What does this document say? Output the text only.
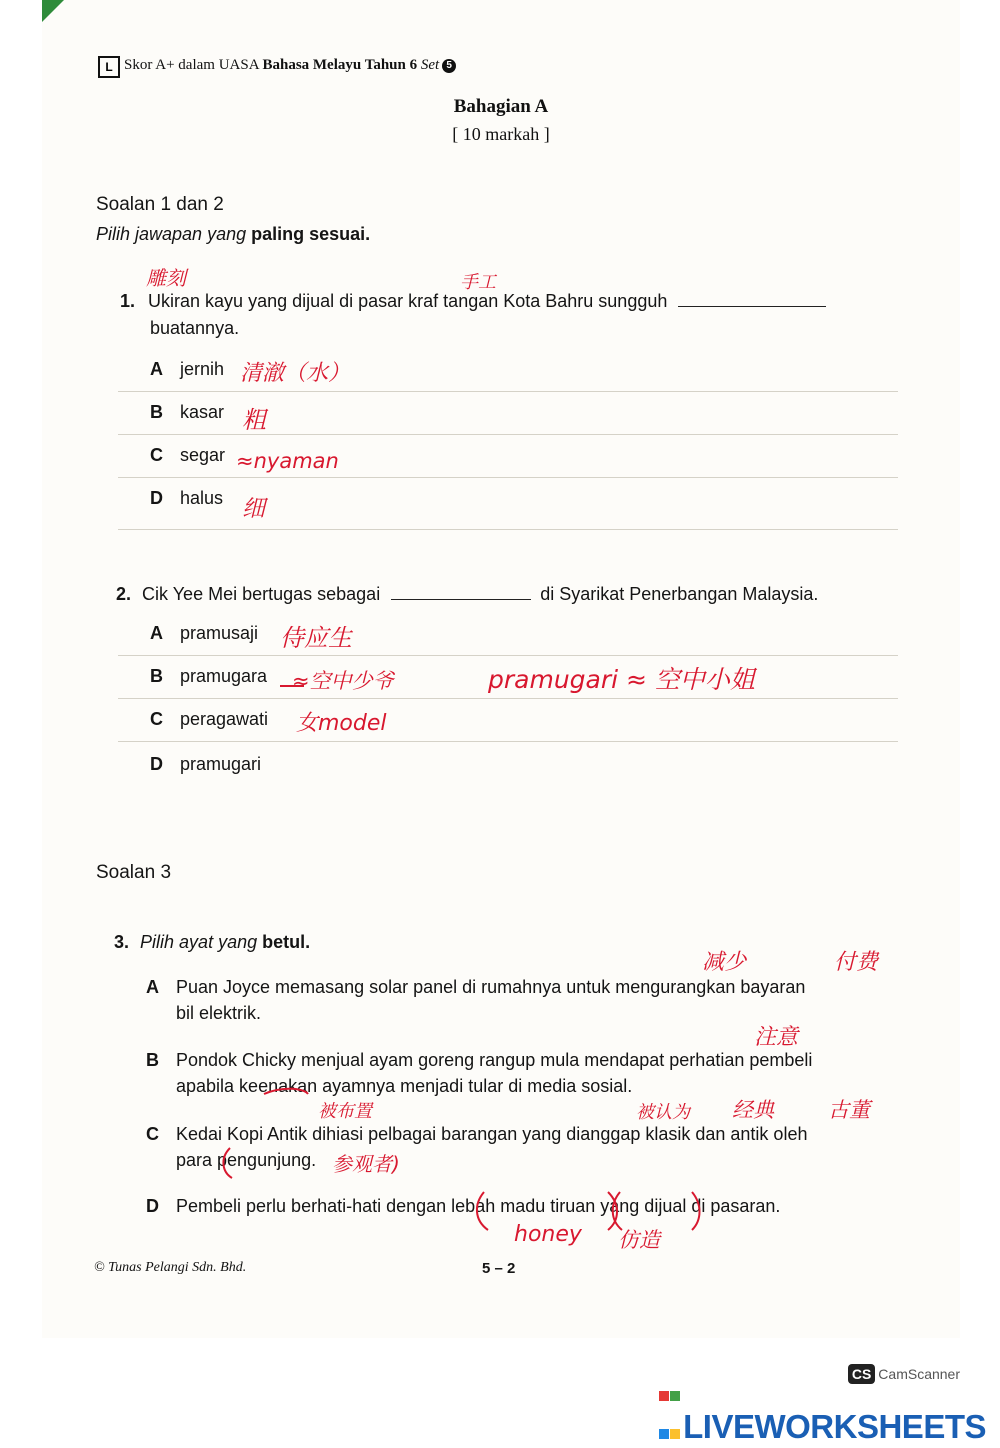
L Skor A+ dalam UASA Bahasa Melayu Tahun 6 Set 5
Bahagian A
[ 10 markah ]
Soalan 1 dan 2
Pilih jawapan yang paling sesuai.
1. Ukiran kayu yang dijual di pasar kraf tangan Kota Bahru sungguh
buatannya.
A jernih
B kasar
C segar
D halus
2. Cik Yee Mei bertugas sebagai	di Syarikat Penerbangan Malaysia.
A pramusaji
B pramugara
C peragawati
D pramugari
Soalan 3
3. Pilih ayat yang betul.
A Puan Joyce memasang solar panel di rumahnya untuk mengurangkan bayaran
bil elektrik.
B Pondok Chicky menjual ayam goreng rangup mula mendapat perhatian pembeli
apabila keenakan ayamnya menjadi tular di media sosial.
C Kedai Kopi Antik dihiasi pelbagai barangan yang dianggap klasik dan antik oleh
para pengunjung.
D Pembeli perlu berhati-hati dengan lebah madu tiruan yang dijual di pasaran.
雕刻	手工
清澈（水）
粗
≈nyaman
细
侍应生
≈空中少爷	pramugari ≈ 空中小姐
女model
减少	付费
注意
被布置	被认为 经典	古董
参观者)
honey 仿造
© Tunas Pelangi Sdn. Bhd.	5 – 2
CS CamScanner

LIVEWORKSHEETS
